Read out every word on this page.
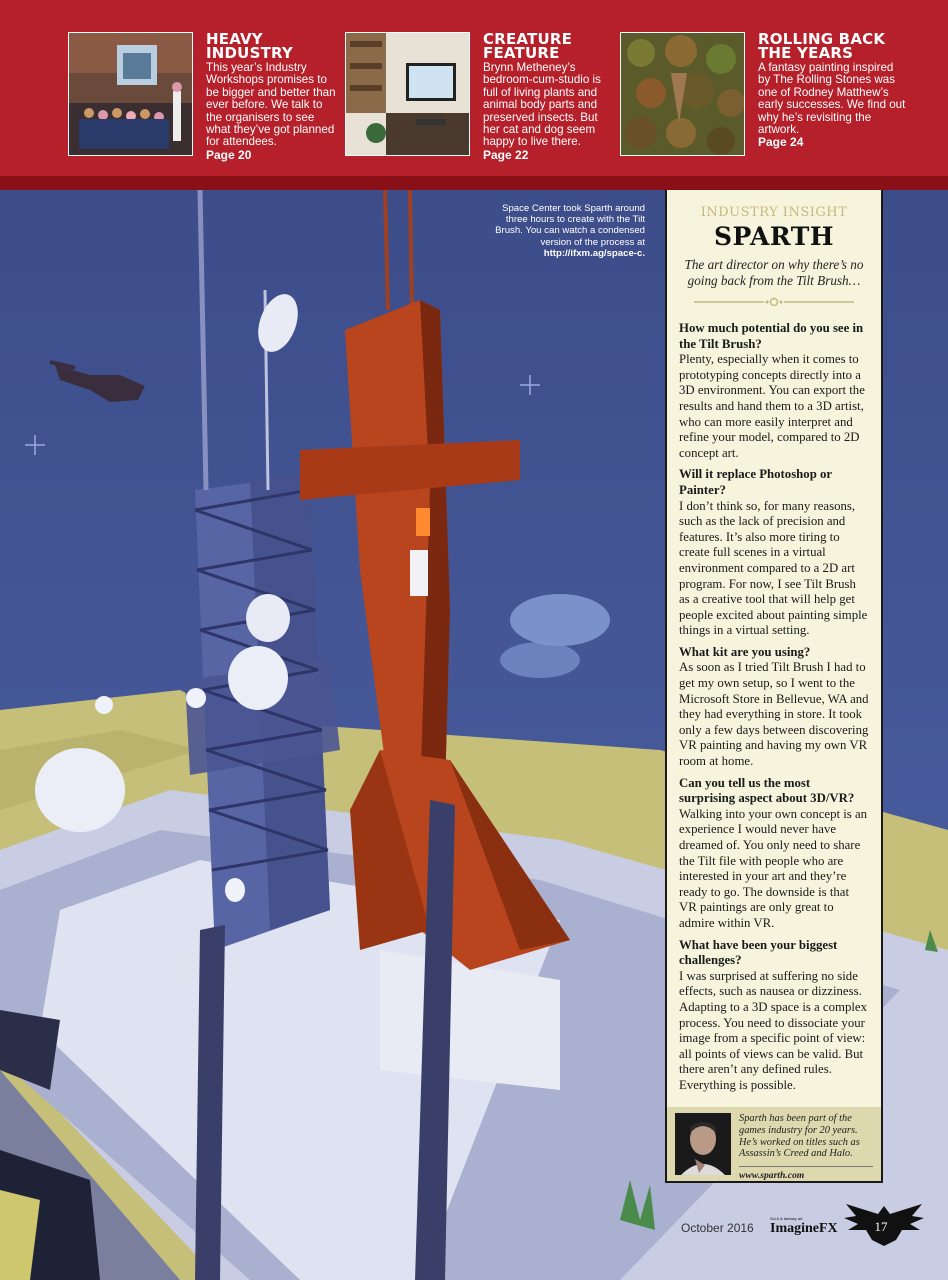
HEAVY INDUSTRY

This year’s Industry Workshops promises to be bigger and better than ever before. We talk to the organisers to see what they’ve got planned for attendees.
Page 20

CREATURE FEATURE

Brynn Metheney’s bedroom-cum-studio is full of living plants and animal body parts and preserved insects. But her cat and dog seem happy to live there.
Page 22

ROLLING BACK THE YEARS

A fantasy painting inspired by The Rolling Stones was one of Rodney Matthew’s early successes. We find out why he’s revisiting the artwork.
Page 24

Space Center took Sparth around three hours to create with the Tilt Brush. You can watch a condensed version of the process at http://ifxm.ag/space-c.
INDUSTRY INSIGHT
SPARTH
The art director on why there’s no going back from the Tilt Brush…
How much potential do you see in the Tilt Brush?
Plenty, especially when it comes to prototyping concepts directly into a 3D environment. You can export the results and hand them to a 3D artist, who can more easily interpret and refine your model, compared to 2D concept art.
Will it replace Photoshop or Painter?
I don’t think so, for many reasons, such as the lack of precision and features. It’s also more tiring to create full scenes in a virtual environment compared to a 2D art program. For now, I see Tilt Brush as a creative tool that will help get people excited about painting simple things in a virtual setting.
What kit are you using?
As soon as I tried Tilt Brush I had to get my own setup, so I went to the Microsoft Store in Bellevue, WA and they had everything in store. It took only a few days between discovering VR painting and having my own VR room at home.
Can you tell us the most surprising aspect about 3D/VR?
Walking into your own concept is an experience I would never have dreamed of. You only need to share the Tilt file with people who are interested in your art and they’re ready to go. The downside is that VR paintings are only great to admire within VR.
What have been your biggest challenges?
I was surprised at suffering no side effects, such as nausea or dizziness. Adapting to a 3D space is a complex process. You need to dissociate your image from a specific point of view: all points of views can be valid. But there aren’t any defined rules. Everything is possible.
Sparth has been part of the games industry for 20 years. He’s worked on titles such as Assassin’s Creed and Halo.
www.sparth.com
October 2016
Sci-fi & fantasy art
ImagineFX	17
